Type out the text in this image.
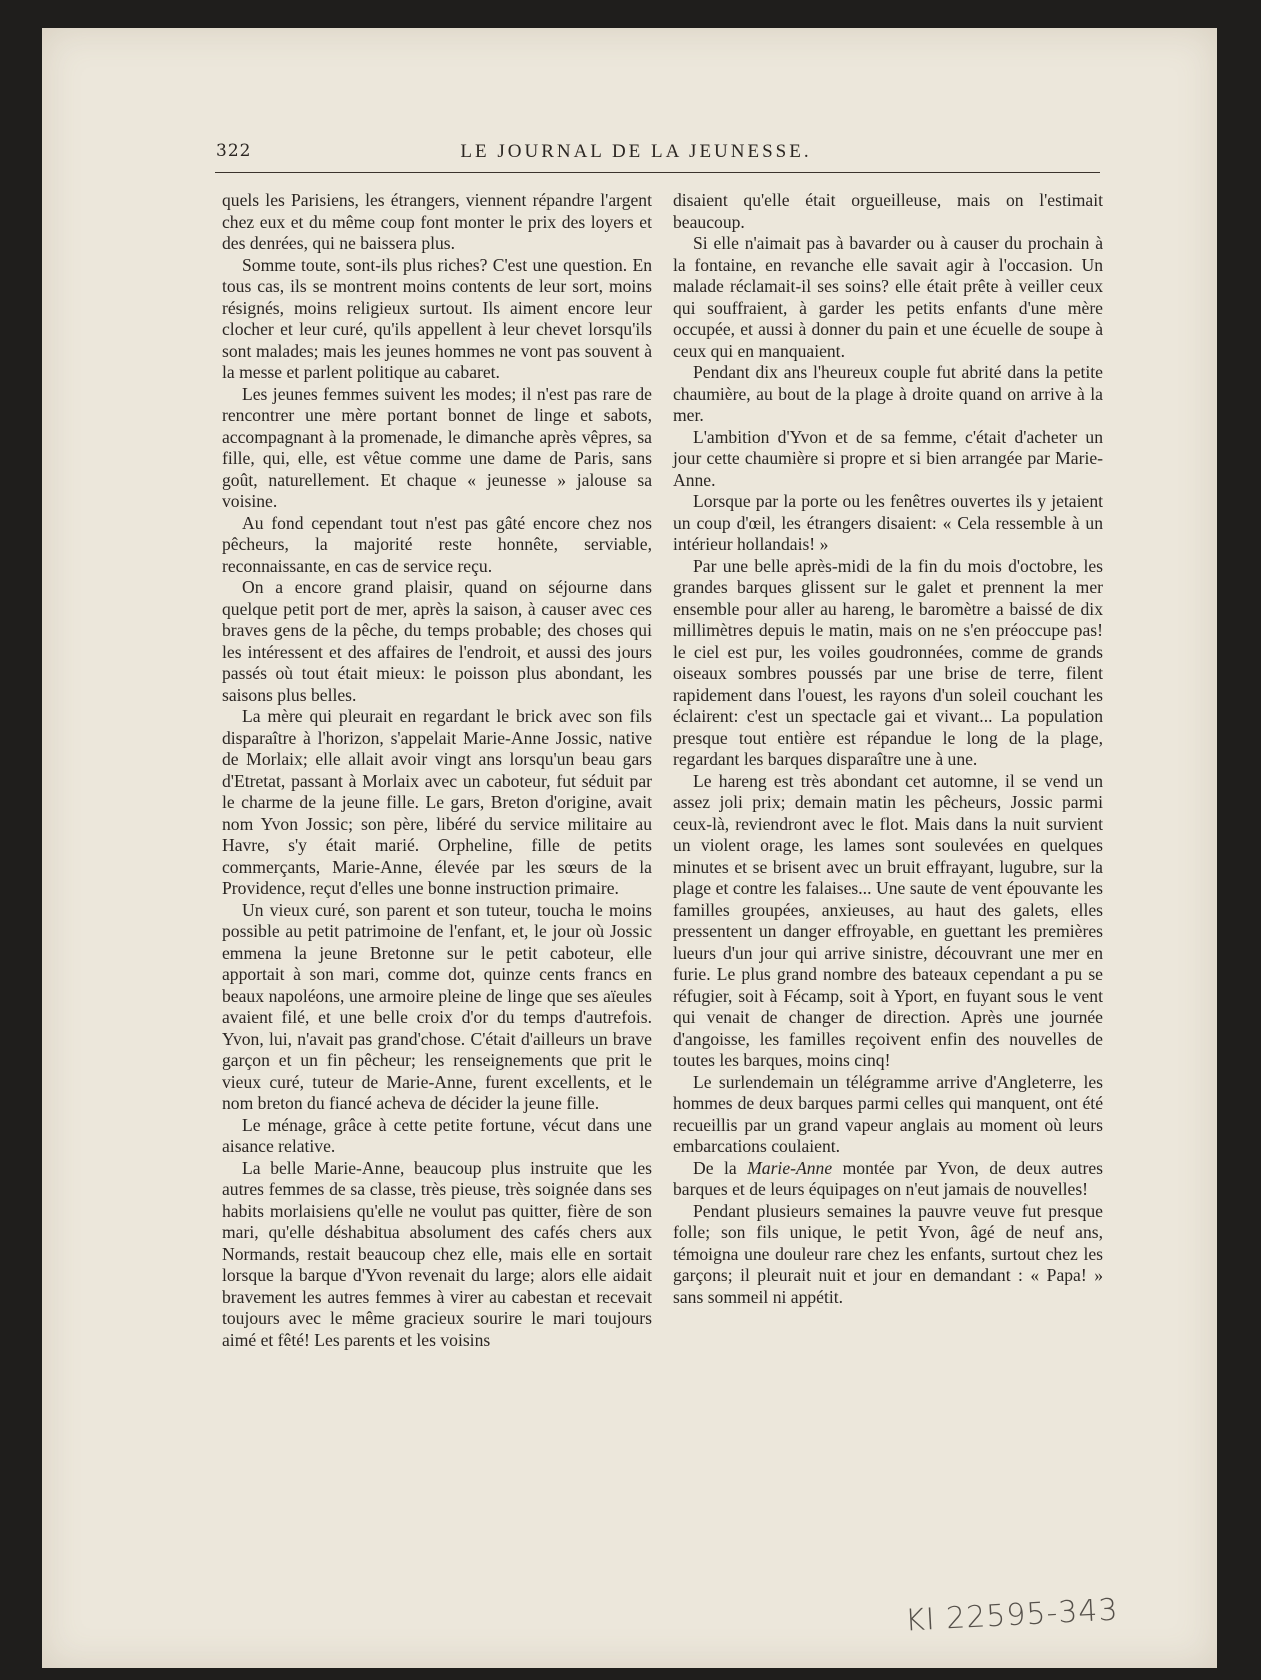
322	LE JOURNAL DE LA JEUNESSE.

quels les Parisiens, les étrangers, viennent répandre l'argent chez eux et du même coup font monter le prix des loyers et des denrées, qui ne baissera plus.

Somme toute, sont-ils plus riches? C'est une question. En tous cas, ils se montrent moins contents de leur sort, moins résignés, moins religieux surtout. Ils aiment encore leur clocher et leur curé, qu'ils appellent à leur chevet lorsqu'ils sont malades; mais les jeunes hommes ne vont pas souvent à la messe et parlent politique au cabaret.

Les jeunes femmes suivent les modes; il n'est pas rare de rencontrer une mère portant bonnet de linge et sabots, accompagnant à la promenade, le dimanche après vêpres, sa fille, qui, elle, est vêtue comme une dame de Paris, sans goût, naturellement. Et chaque « jeunesse » jalouse sa voisine.

Au fond cependant tout n'est pas gâté encore chez nos pêcheurs, la majorité reste honnête, serviable, reconnaissante, en cas de service reçu.

On a encore grand plaisir, quand on séjourne dans quelque petit port de mer, après la saison, à causer avec ces braves gens de la pêche, du temps probable; des choses qui les intéressent et des affaires de l'endroit, et aussi des jours passés où tout était mieux: le poisson plus abondant, les saisons plus belles.

La mère qui pleurait en regardant le brick avec son fils disparaître à l'horizon, s'appelait Marie-Anne Jossic, native de Morlaix; elle allait avoir vingt ans lorsqu'un beau gars d'Etretat, passant à Morlaix avec un caboteur, fut séduit par le charme de la jeune fille. Le gars, Breton d'origine, avait nom Yvon Jossic; son père, libéré du service militaire au Havre, s'y était marié. Orpheline, fille de petits commerçants, Marie-Anne, élevée par les sœurs de la Providence, reçut d'elles une bonne instruction primaire.

Un vieux curé, son parent et son tuteur, toucha le moins possible au petit patrimoine de l'enfant, et, le jour où Jossic emmena la jeune Bretonne sur le petit caboteur, elle apportait à son mari, comme dot, quinze cents francs en beaux napoléons, une armoire pleine de linge que ses aïeules avaient filé, et une belle croix d'or du temps d'autrefois. Yvon, lui, n'avait pas grand'chose. C'était d'ailleurs un brave garçon et un fin pêcheur; les renseignements que prit le vieux curé, tuteur de Marie-Anne, furent excellents, et le nom breton du fiancé acheva de décider la jeune fille.

Le ménage, grâce à cette petite fortune, vécut dans une aisance relative.

La belle Marie-Anne, beaucoup plus instruite que les autres femmes de sa classe, très pieuse, très soignée dans ses habits morlaisiens qu'elle ne voulut pas quitter, fière de son mari, qu'elle déshabitua absolument des cafés chers aux Normands, restait beaucoup chez elle, mais elle en sortait lorsque la barque d'Yvon revenait du large; alors elle aidait bravement les autres femmes à virer au cabestan et recevait toujours avec le même gracieux sourire le mari toujours aimé et fêté! Les parents et les voisins

disaient qu'elle était orgueilleuse, mais on l'estimait beaucoup.

Si elle n'aimait pas à bavarder ou à causer du prochain à la fontaine, en revanche elle savait agir à l'occasion. Un malade réclamait-il ses soins? elle était prête à veiller ceux qui souffraient, à garder les petits enfants d'une mère occupée, et aussi à donner du pain et une écuelle de soupe à ceux qui en manquaient.

Pendant dix ans l'heureux couple fut abrité dans la petite chaumière, au bout de la plage à droite quand on arrive à la mer.

L'ambition d'Yvon et de sa femme, c'était d'acheter un jour cette chaumière si propre et si bien arrangée par Marie-Anne.

Lorsque par la porte ou les fenêtres ouvertes ils y jetaient un coup d'œil, les étrangers disaient: « Cela ressemble à un intérieur hollandais! »

Par une belle après-midi de la fin du mois d'octobre, les grandes barques glissent sur le galet et prennent la mer ensemble pour aller au hareng, le baromètre a baissé de dix millimètres depuis le matin, mais on ne s'en préoccupe pas! le ciel est pur, les voiles goudronnées, comme de grands oiseaux sombres poussés par une brise de terre, filent rapidement dans l'ouest, les rayons d'un soleil couchant les éclairent: c'est un spectacle gai et vivant... La population presque tout entière est répandue le long de la plage, regardant les barques disparaître une à une.

Le hareng est très abondant cet automne, il se vend un assez joli prix; demain matin les pêcheurs, Jossic parmi ceux-là, reviendront avec le flot. Mais dans la nuit survient un violent orage, les lames sont soulevées en quelques minutes et se brisent avec un bruit effrayant, lugubre, sur la plage et contre les falaises... Une saute de vent épouvante les familles groupées, anxieuses, au haut des galets, elles pressentent un danger effroyable, en guettant les premières lueurs d'un jour qui arrive sinistre, découvrant une mer en furie. Le plus grand nombre des bateaux cependant a pu se réfugier, soit à Fécamp, soit à Yport, en fuyant sous le vent qui venait de changer de direction. Après une journée d'angoisse, les familles reçoivent enfin des nouvelles de toutes les barques, moins cinq!

Le surlendemain un télégramme arrive d'Angleterre, les hommes de deux barques parmi celles qui manquent, ont été recueillis par un grand vapeur anglais au moment où leurs embarcations coulaient.

De la Marie-Anne montée par Yvon, de deux autres barques et de leurs équipages on n'eut jamais de nouvelles!

Pendant plusieurs semaines la pauvre veuve fut presque folle; son fils unique, le petit Yvon, âgé de neuf ans, témoigna une douleur rare chez les enfants, surtout chez les garçons; il pleurait nuit et jour en demandant : « Papa! » sans sommeil ni appétit.

KI 22595-343
